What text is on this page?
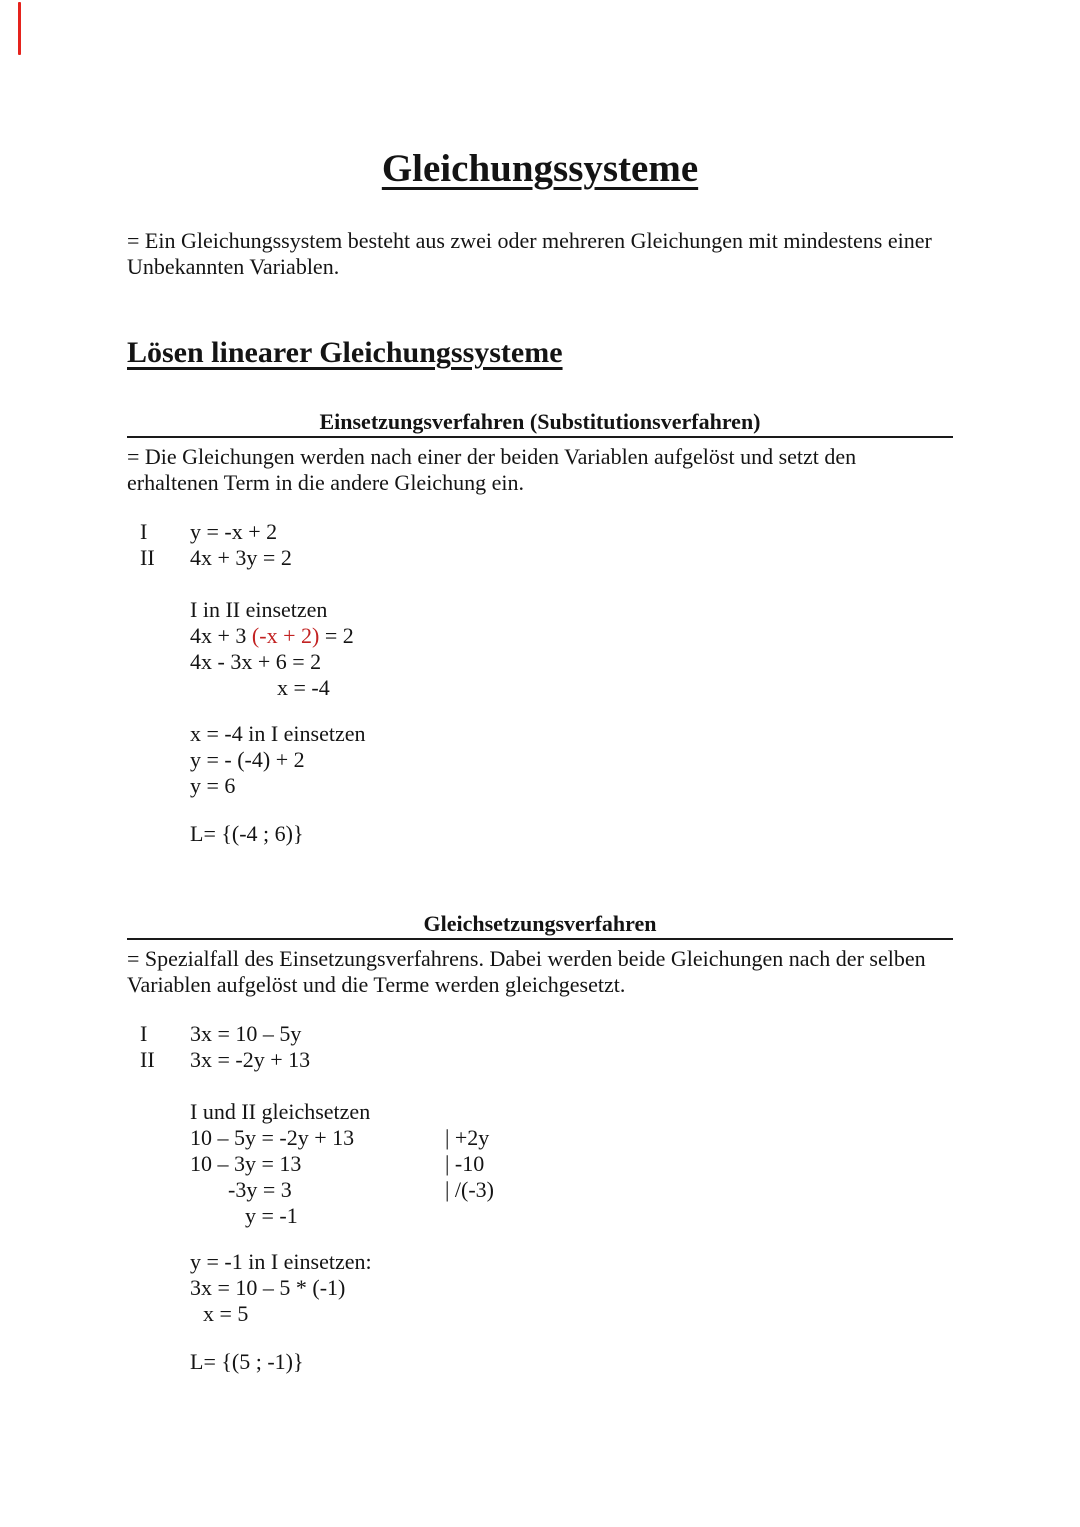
Gleichungssysteme
= Ein Gleichungssystem besteht aus zwei oder mehreren Gleichungen mit mindestens einer
Unbekannten Variablen.
Lösen linearer Gleichungssysteme
Einsetzungsverfahren (Substitutionsverfahren)
= Die Gleichungen werden nach einer der beiden Variablen aufgelöst und setzt den
erhaltenen Term in die andere Gleichung ein.
I y = -x + 2
II 4x + 3y = 2
I in II einsetzen
4x + 3 (-x + 2) = 2
4x - 3x + 6 = 2
x = -4
x = -4 in I einsetzen
y = - (-4) + 2
y = 6
L= {(-4 ; 6)}
Gleichsetzungsverfahren
= Spezialfall des Einsetzungsverfahrens. Dabei werden beide Gleichungen nach der selben
Variablen aufgelöst und die Terme werden gleichgesetzt.
I 3x = 10 – 5y
II 3x = -2y + 13
I und II gleichsetzen
10 – 5y = -2y + 13	| +2y
10 – 3y = 13	| -10
-3y = 3	| /(-3)
y = -1
y = -1 in I einsetzen:
3x = 10 – 5 * (-1)
x = 5
L= {(5 ; -1)}
